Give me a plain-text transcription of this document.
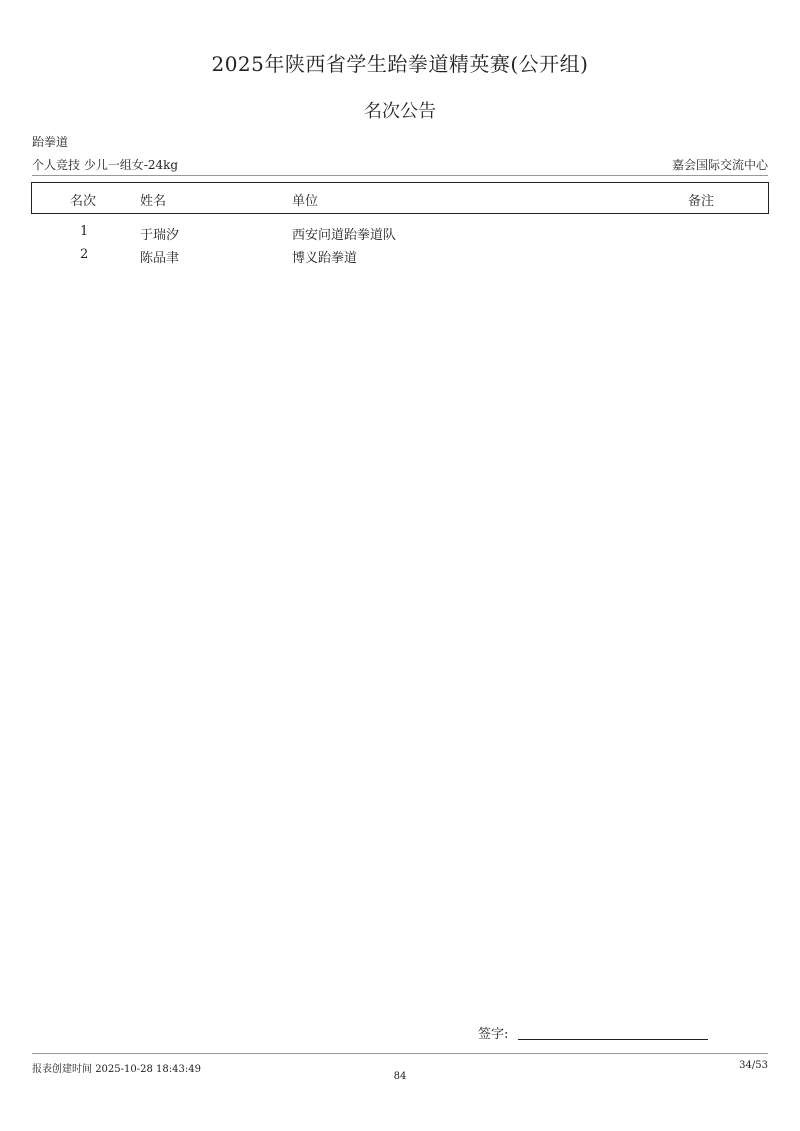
2025年陕西省学生跆拳道精英赛(公开组)
名次公告
跆拳道
个人竞技 少儿一组女-24kg	嘉会国际交流中心
名次	姓名	单位	备注
1	于瑞汐	西安问道跆拳道队
2	陈品聿	博义跆拳道
签字:
报表创建时间 2025-10-28 18:43:49	34/53
84
